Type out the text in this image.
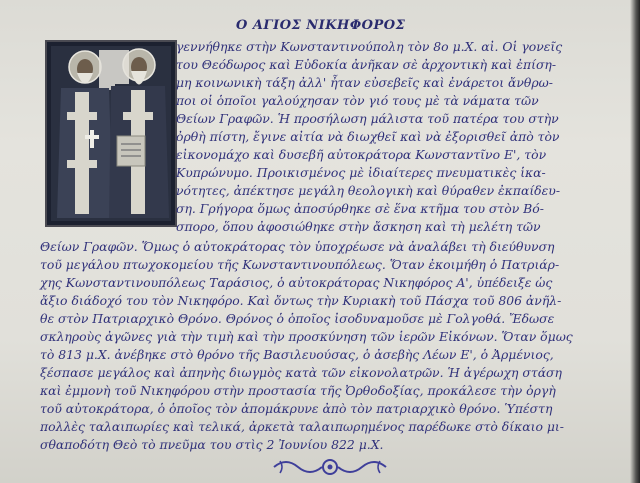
Ο ΑΓΙΟΣ ΝΙΚΗΦΟΡΟΣ
γεννήθηκε στὴν Κωνσταντινούπολη τὸν 8ο μ.Χ. αἰ. Οἱ γονεῖς
του Θεόδωρος καὶ Εὐδοκία ἀνῆκαν σὲ ἀρχοντικὴ καὶ ἐπίση-
μη κοινωνικὴ τάξη ἀλλ' ἦταν εὐσεβεῖς καὶ ἐνάρετοι ἄνθρω-
ποι οἱ ὁποῖοι γαλούχησαν τὸν γιό τους μὲ τὰ νάματα τῶν
Θείων Γραφῶν. Ἡ προσήλωση μάλιστα τοῦ πατέρα του στὴν
ὀρθὴ πίστη, ἔγινε αἰτία νὰ διωχθεῖ καὶ νὰ ἐξορισθεῖ ἀπὸ τὸν
εἰκονομάχο καὶ δυσεβῆ αὐτοκράτορα Κωνσταντῖνο Ε', τὸν
Κυπρώνυμο. Προικισμένος μὲ ἰδιαίτερες πνευματικὲς ἱκα-
νότητες, ἀπέκτησε μεγάλη θεολογικὴ καὶ θύραθεν ἐκπαίδευ-
ση. Γρήγορα ὅμως ἀποσύρθηκε σὲ ἕνα κτῆμα του στὸν Βό-
σπορο, ὅπου ἀφοσιώθηκε στὴν ἄσκηση καὶ τὴ μελέτη τῶν
Θείων Γραφῶν. Ὅμως ὁ αὐτοκράτορας τὸν ὑποχρέωσε νὰ ἀναλάβει τὴ διεύθυνση
τοῦ μεγάλου πτωχοκομείου τῆς Κωνσταντινουπόλεως. Ὅταν ἐκοιμήθη ὁ Πατριάρ-
χης Κωνσταντινουπόλεως Ταράσιος, ὁ αὐτοκράτορας Νικηφόρος Α', ὑπέδειξε ὡς
ἄξιο διάδοχό του τὸν Νικηφόρο. Καὶ ὄντως τὴν Κυριακὴ τοῦ Πάσχα τοῦ 806 ἀνῆλ-
θε στὸν Πατριαρχικὸ Θρόνο. Θρόνος ὁ ὁποῖος ἰσοδυναμοῦσε μὲ Γολγοθά. Ἔδωσε
σκληροὺς ἀγῶνες γιὰ τὴν τιμὴ καὶ τὴν προσκύνηση τῶν ἱερῶν Εἰκόνων. Ὅταν ὅμως
τὸ 813 μ.Χ. ἀνέβηκε στὸ θρόνο τῆς Βασιλευούσας, ὁ ἀσεβὴς Λέων Ε', ὁ Ἀρμένιος,
ξέσπασε μεγάλος καὶ ἀπηνὴς διωγμὸς κατὰ τῶν εἰκονολατρῶν. Ἡ ἀγέρωχη στάση
καὶ ἐμμονὴ τοῦ Νικηφόρου στὴν προστασία τῆς Ὀρθοδοξίας, προκάλεσε τὴν ὀργὴ
τοῦ αὐτοκράτορα, ὁ ὁποῖος τὸν ἀπομάκρυνε ἀπὸ τὸν πατριαρχικὸ θρόνο. Ὑπέστη
πολλὲς ταλαιπωρίες καὶ τελικά, ἀρκετὰ ταλαιπωρημένος παρέδωκε στὸ δίκαιο μι-
σθαποδότη Θεὸ τὸ πνεῦμα του στὶς 2 Ἰουνίου 822 μ.Χ.
